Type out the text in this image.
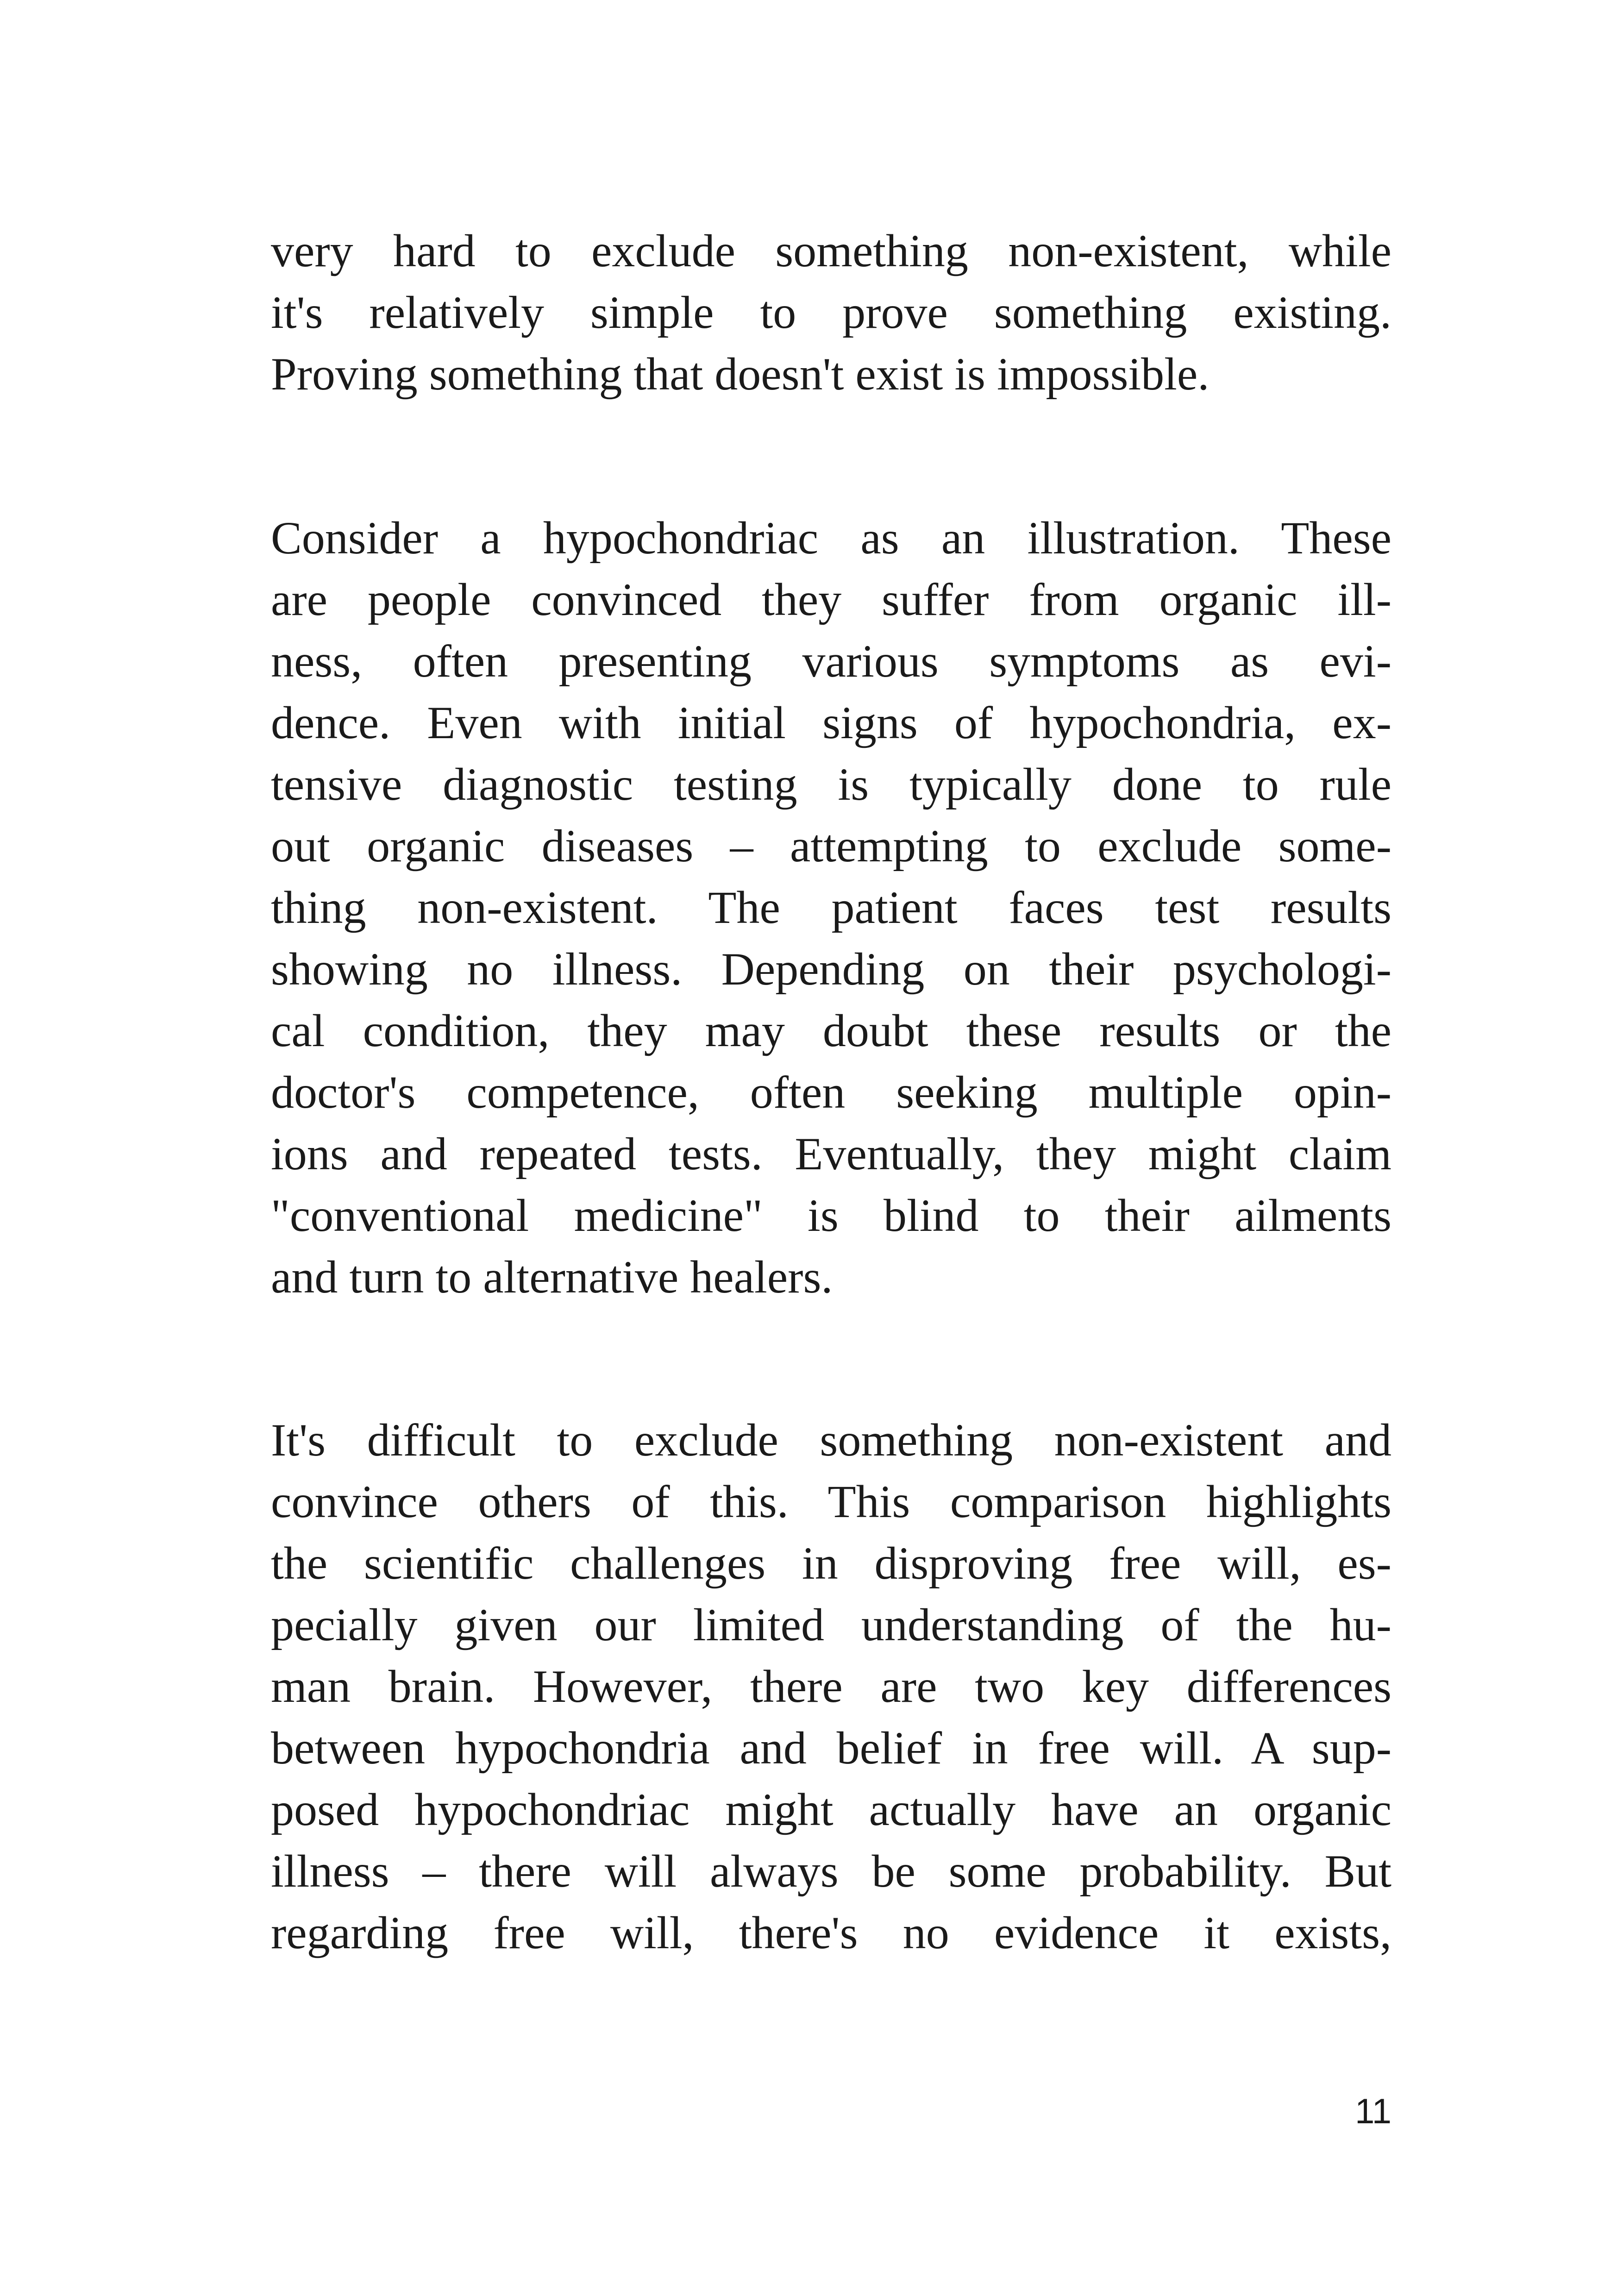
very hard to exclude something non-existent, while
it's relatively simple to prove something existing.
Proving something that doesn't exist is impossible.
Consider a hypochondriac as an illustration. These
are people convinced they suffer from organic ill-
ness, often presenting various symptoms as evi-
dence. Even with initial signs of hypochondria, ex-
tensive diagnostic testing is typically done to rule
out organic diseases – attempting to exclude some-
thing non-existent. The patient faces test results
showing no illness. Depending on their psychologi-
cal condition, they may doubt these results or the
doctor's competence, often seeking multiple opin-
ions and repeated tests. Eventually, they might claim
"conventional medicine" is blind to their ailments
and turn to alternative healers.
It's difficult to exclude something non-existent and
convince others of this. This comparison highlights
the scientific challenges in disproving free will, es-
pecially given our limited understanding of the hu-
man brain. However, there are two key differences
between hypochondria and belief in free will. A sup-
posed hypochondriac might actually have an organic
illness – there will always be some probability. But
regarding free will, there's no evidence it exists,
11
